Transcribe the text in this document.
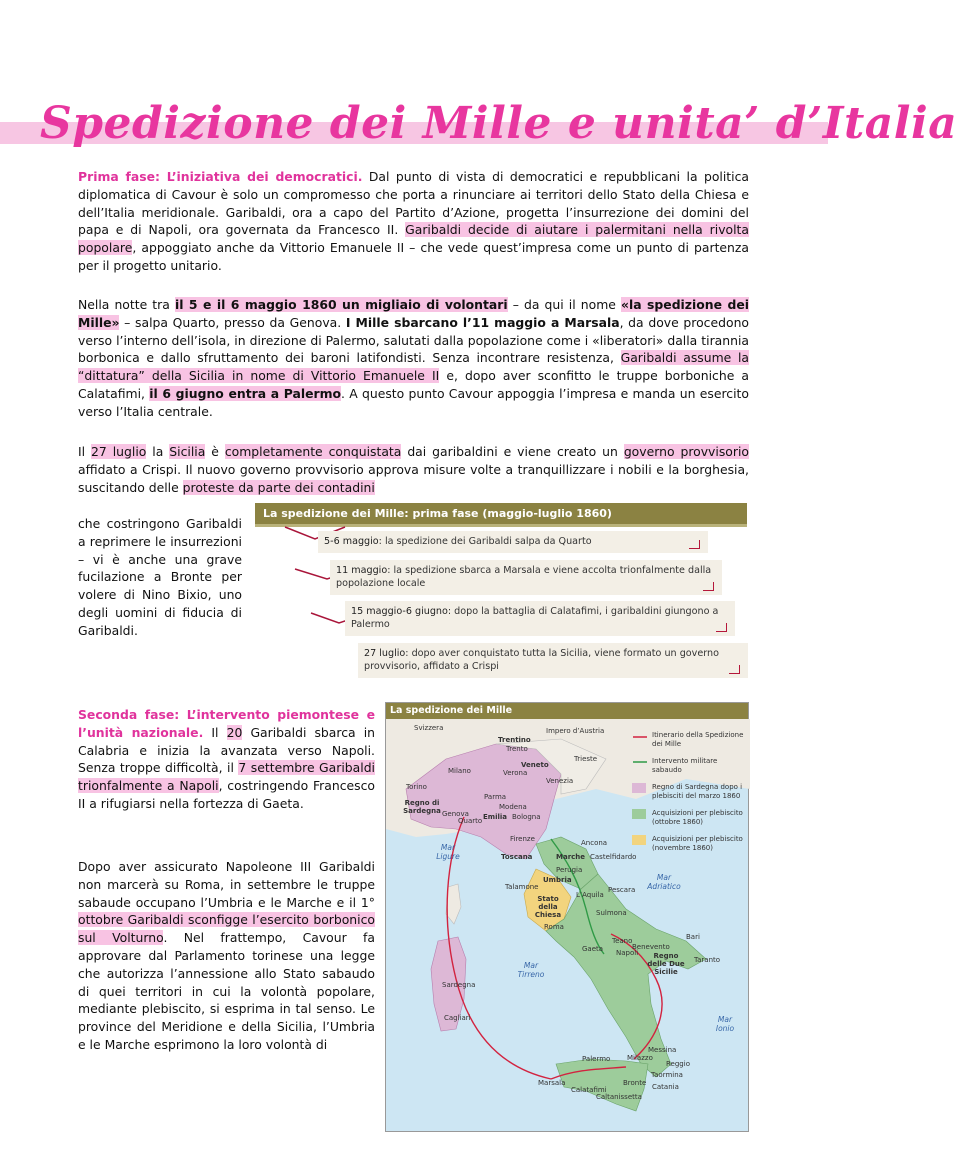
Spedizione dei Mille e unita’ d’Italia
Prima fase: L’iniziativa dei democratici. Dal punto di vista di democratici e repubblicani la politica diplomatica di Cavour è solo un compromesso che porta a rinunciare ai territori dello Stato della Chiesa e dell’Italia meridionale. Garibaldi, ora a capo del Partito d’Azione, progetta l’insurrezione dei domini del papa e di Napoli, ora governata da Francesco II. Garibaldi decide di aiutare i palermitani nella rivolta popolare, appoggiato anche da Vittorio Emanuele II – che vede quest’impresa come un punto di partenza per il progetto unitario.
Nella notte tra il 5 e il 6 maggio 1860 un migliaio di volontari – da qui il nome «la spedizione dei Mille» – salpa Quarto, presso da Genova. I Mille sbarcano l’11 maggio a Marsala, da dove procedono verso l’interno dell’isola, in direzione di Palermo, salutati dalla popolazione come i «liberatori» dalla tirannia borbonica e dallo sfruttamento dei baroni latifondisti. Senza incontrare resistenza, Garibaldi assume la “dittatura” della Sicilia in nome di Vittorio Emanuele II e, dopo aver sconfitto le truppe borboniche a Calatafimi, il 6 giugno entra a Palermo. A questo punto Cavour appoggia l’impresa e manda un esercito verso l’Italia centrale.
Il 27 luglio la Sicilia è completamente conquistata dai garibaldini e viene creato un governo provvisorio affidato a Crispi. Il nuovo governo provvisorio approva misure volte a tranquillizzare i nobili e la borghesia, suscitando delle proteste da parte dei contadini
che costringono Garibaldi a reprimere le insurrezioni – vi è anche una grave fucilazione a Bronte per volere di Nino Bixio, uno degli uomini di fiducia di Garibaldi.
La spedizione dei Mille: prima fase (maggio-luglio 1860)
5-6 maggio: la spedizione dei Garibaldi salpa da Quarto
11 maggio: la spedizione sbarca a Marsala e viene accolta trionfalmente dalla popolazione locale
15 maggio-6 giugno: dopo la battaglia di Calatafimi, i garibaldini giungono a Palermo
27 luglio: dopo aver conquistato tutta la Sicilia, viene formato un governo provvisorio, affidato a Crispi
Seconda fase: L’intervento piemontese e l’unità nazionale. Il 20 Garibaldi sbarca in Calabria e inizia la avanzata verso Napoli. Senza troppe difficoltà, il 7 settembre Garibaldi trionfalmente a Napoli, costringendo Francesco II a rifugiarsi nella fortezza di Gaeta.
Dopo aver assicurato Napoleone III Garibaldi non marcerà su Roma, in settembre le truppe sabaude occupano l’Umbria e le Marche e il 1° ottobre Garibaldi sconfigge l’esercito borbonico sul Volturno. Nel frattempo, Cavour fa approvare dal Parlamento torinese una legge che autorizza l’annessione allo Stato sabaudo di quei territori in cui la volontà popolare, mediante plebiscito, si esprima in tal senso. Le province del Meridione e della Sicilia, l’Umbria e le Marche esprimono la loro volontà di
La spedizione dei Mille
Svizzera	Impero d’Austria
Trentino
Trento
Trieste
Veneto
Verona
Venezia
Milano
Torino
Regno di Sardegna Genova
Quarto
Parma
Modena
Emilia Bologna
Firenze
Toscana
Ancona
Marche Castelfidardo
Perugia
Umbria
Talamone
Stato della Chiesa
Roma
L’Aquila
Pescara
Sulmona
Gaeta
Teano
Napoli
Benevento
Bari
Taranto
Regno delle Due Sicilie
Sardegna
Cagliari
Palermo Milazzo
Messina
Reggio
Taormina
Marsala
Calatafimi
Bronte Catania
Caltanissetta
Mar Ligure
Mar Tirreno
Mar Adriatico
Mar Ionio
Itinerario della Spedizione dei Mille
Intervento militare sabaudo
Regno di Sardegna dopo i plebisciti del marzo 1860
Acquisizioni per plebiscito (ottobre 1860)
Acquisizioni per plebiscito (novembre 1860)
